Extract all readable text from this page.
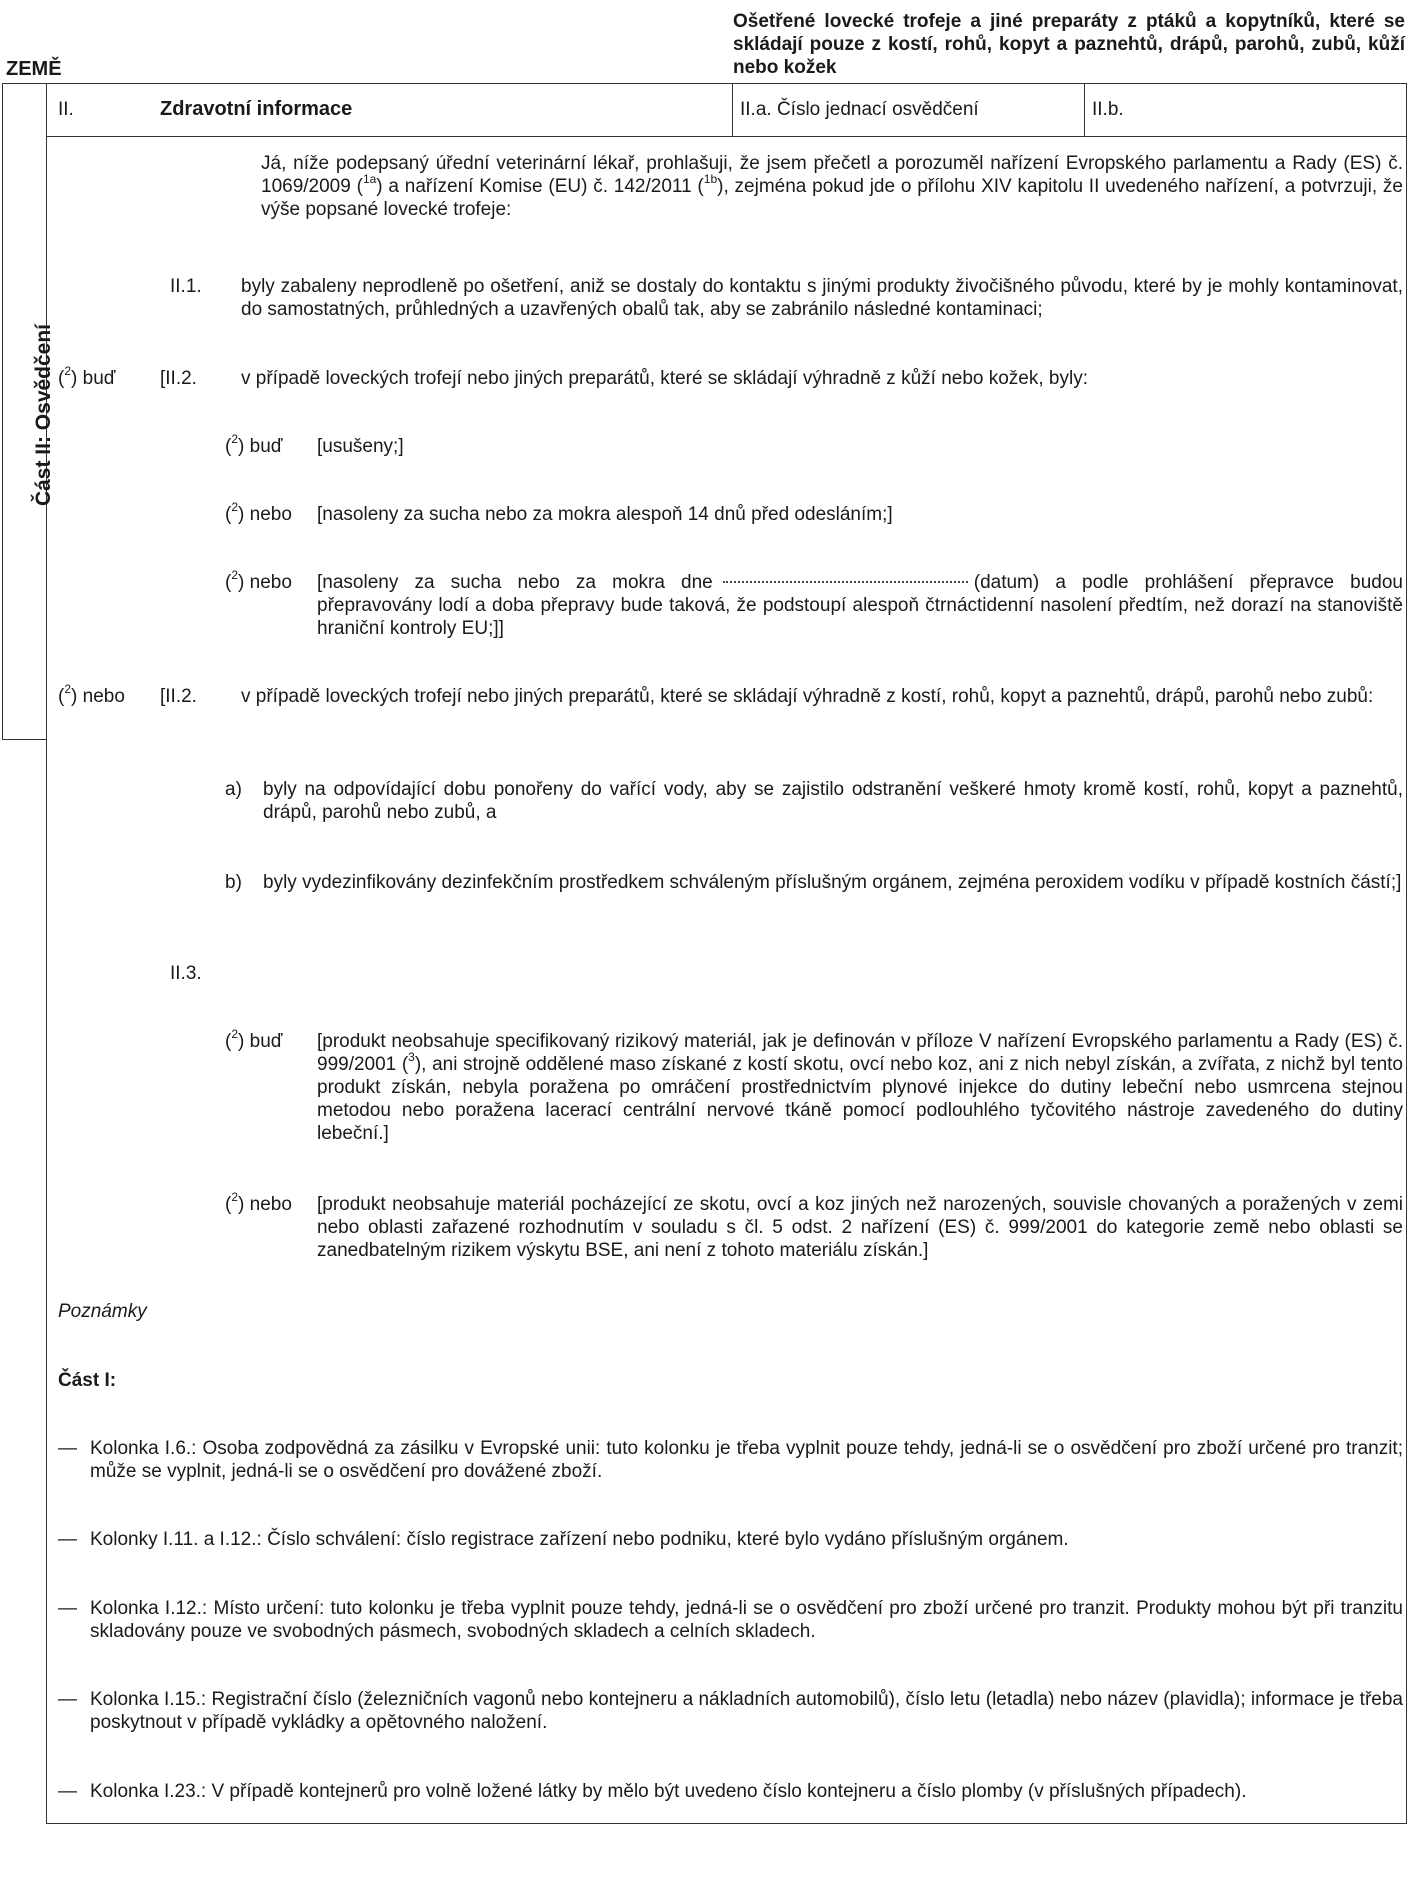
ZEMĚ
Ošetřené lovecké trofeje a jiné preparáty z ptáků a kopytníků, které se skládají pouze z kostí, rohů, kopyt a paznehtů, drápů, parohů, zubů, kůží nebo kožek
Část II: Osvědčení
II.	Zdravotní informace	II.a. Číslo jednací osvědčení	II.b.
Já, níže podepsaný úřední veterinární lékař, prohlašuji, že jsem přečetl a porozuměl nařízení Evropského parlamentu a Rady (ES) č. 1069/2009 ($^{1a}$) a nařízení Komise (EU) č. 142/2011 ($^{1b}$), zejména pokud jde o přílohu XIV kapitolu II uvedeného nařízení, a potvrzuji, že výše popsané lovecké trofeje:
II.1. byly zabaleny neprodleně po ošetření, aniž se dostaly do kontaktu s jinými produkty živočišného původu, které by je mohly kontaminovat, do samostatných, průhledných a uzavřených obalů tak, aby se zabránilo následné kontaminaci;
($^2$) buď [II.2. v případě loveckých trofejí nebo jiných preparátů, které se skládají výhradně z kůží nebo kožek, byly:
($^2$) buď [usušeny;]
($^2$) nebo [nasoleny za sucha nebo za mokra alespoň 14 dnů před odesláním;]
($^2$) nebo [nasoleny za sucha nebo za mokra dne	(datum) a podle prohlášení přepravce budou přepravovány lodí a doba přepravy bude taková, že podstoupí alespoň čtrnáctidenní nasolení předtím, než dorazí na stanoviště hraniční kontroly EU;]]
($^2$) nebo [II.2. v případě loveckých trofejí nebo jiných preparátů, které se skládají výhradně z kostí, rohů, kopyt a paznehtů, drápů, parohů nebo zubů:
a) byly na odpovídající dobu ponořeny do vařící vody, aby se zajistilo odstranění veškeré hmoty kromě kostí, rohů, kopyt a paznehtů, drápů, parohů nebo zubů, a
b) byly vydezinfikovány dezinfekčním prostředkem schváleným příslušným orgánem, zejména peroxidem vodíku v případě kostních částí;]
II.3.
($^2$) buď [produkt neobsahuje specifikovaný rizikový materiál, jak je definován v příloze V nařízení Evropského parlamentu a Rady (ES) č. 999/2001 ($^3$), ani strojně oddělené maso získané z kostí skotu, ovcí nebo koz, ani z nich nebyl získán, a zvířata, z nichž byl tento produkt získán, nebyla poražena po omráčení prostřednictvím plynové injekce do dutiny lebeční nebo usmrcena stejnou metodou nebo poražena lacerací centrální nervové tkáně pomocí podlouhlého tyčovitého nástroje zavedeného do dutiny lebeční.]
($^2$) nebo [produkt neobsahuje materiál pocházející ze skotu, ovcí a koz jiných než narozených, souvisle chovaných a poražených v zemi nebo oblasti zařazené rozhodnutím v souladu s čl. 5 odst. 2 nařízení (ES) č. 999/2001 do kategorie země nebo oblasti se zanedbatelným rizikem výskytu BSE, ani není z tohoto materiálu získán.]
Poznámky
Část I:
— Kolonka I.6.: Osoba zodpovědná za zásilku v Evropské unii: tuto kolonku je třeba vyplnit pouze tehdy, jedná-li se o osvědčení pro zboží určené pro tranzit; může se vyplnit, jedná-li se o osvědčení pro dovážené zboží.
— Kolonky I.11. a I.12.: Číslo schválení: číslo registrace zařízení nebo podniku, které bylo vydáno příslušným orgánem.
— Kolonka I.12.: Místo určení: tuto kolonku je třeba vyplnit pouze tehdy, jedná-li se o osvědčení pro zboží určené pro tranzit. Produkty mohou být při tranzitu skladovány pouze ve svobodných pásmech, svobodných skladech a celních skladech.
— Kolonka I.15.: Registrační číslo (železničních vagonů nebo kontejneru a nákladních automobilů), číslo letu (letadla) nebo název (plavidla); informace je třeba poskytnout v případě vykládky a opětovného naložení.
— Kolonka I.23.: V případě kontejnerů pro volně ložené látky by mělo být uvedeno číslo kontejneru a číslo plomby (v příslušných případech).
